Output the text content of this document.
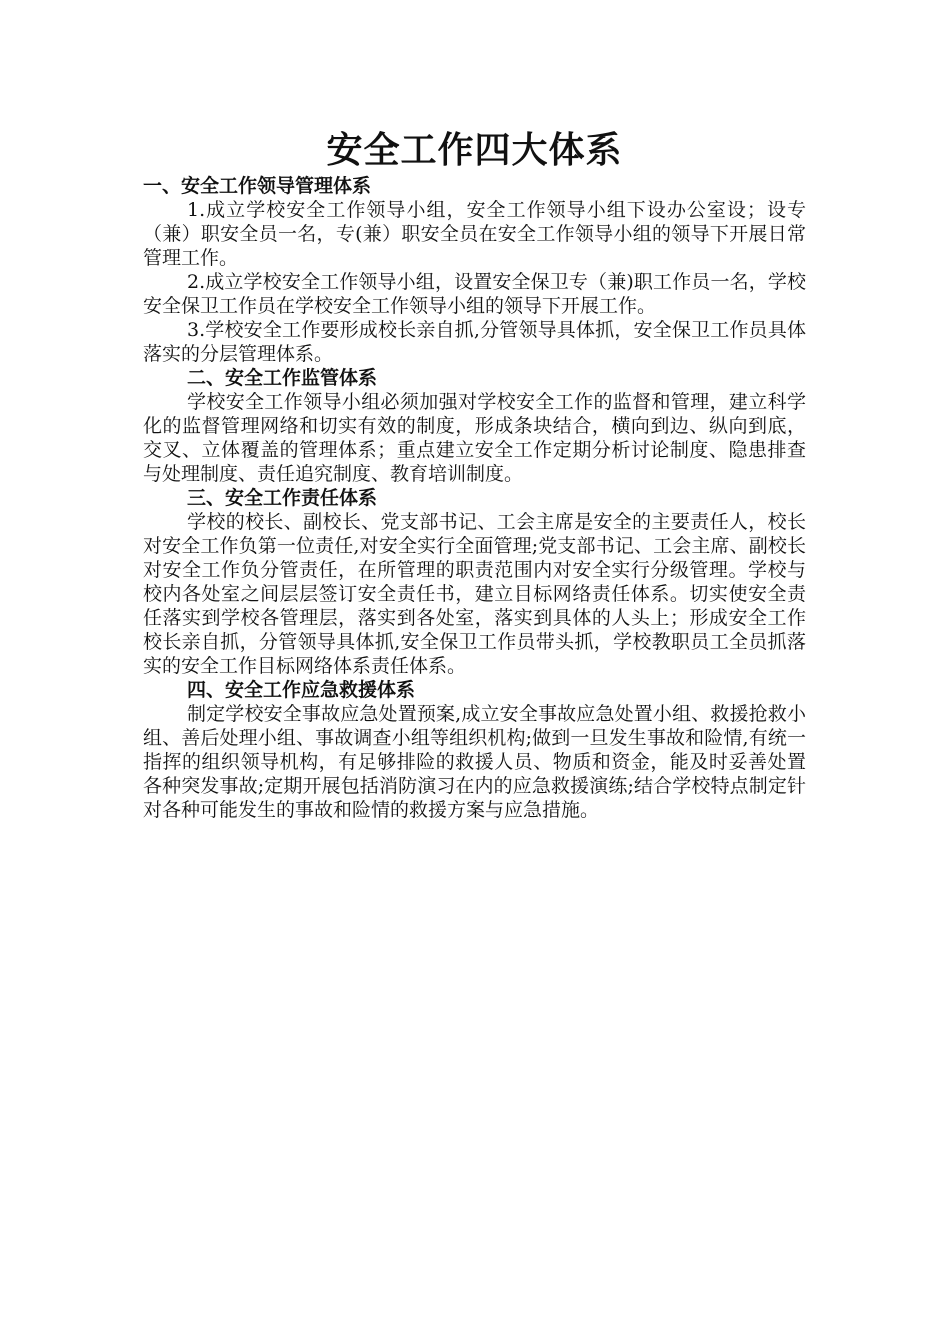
安全工作四大体系

一、安全工作领导管理体系

1.成立学校安全工作领导小组，安全工作领导小组下设办公室设；设专（兼）职安全员一名，专(兼）职安全员在安全工作领导小组的领导下开展日常管理工作。

2.成立学校安全工作领导小组，设置安全保卫专（兼)职工作员一名，学校安全保卫工作员在学校安全工作领导小组的领导下开展工作。

3.学校安全工作要形成校长亲自抓,分管领导具体抓，安全保卫工作员具体落实的分层管理体系。

二、安全工作监管体系

学校安全工作领导小组必须加强对学校安全工作的监督和管理，建立科学化的监督管理网络和切实有效的制度，形成条块结合，横向到边、纵向到底，交叉、立体覆盖的管理体系；重点建立安全工作定期分析讨论制度、隐患排查与处理制度、责任追究制度、教育培训制度。

三、安全工作责任体系

学校的校长、副校长、党支部书记、工会主席是安全的主要责任人，校长对安全工作负第一位责任,对安全实行全面管理;党支部书记、工会主席、副校长对安全工作负分管责任，在所管理的职责范围内对安全实行分级管理。学校与校内各处室之间层层签订安全责任书，建立目标网络责任体系。切实使安全责任落实到学校各管理层，落实到各处室，落实到具体的人头上；形成安全工作校长亲自抓，分管领导具体抓,安全保卫工作员带头抓，学校教职员工全员抓落实的安全工作目标网络体系责任体系。

四、安全工作应急救援体系

制定学校安全事故应急处置预案,成立安全事故应急处置小组、救援抢救小组、善后处理小组、事故调查小组等组织机构;做到一旦发生事故和险情,有统一指挥的组织领导机构，有足够排险的救援人员、物质和资金，能及时妥善处置各种突发事故;定期开展包括消防演习在内的应急救援演练;结合学校特点制定针对各种可能发生的事故和险情的救援方案与应急措施。
